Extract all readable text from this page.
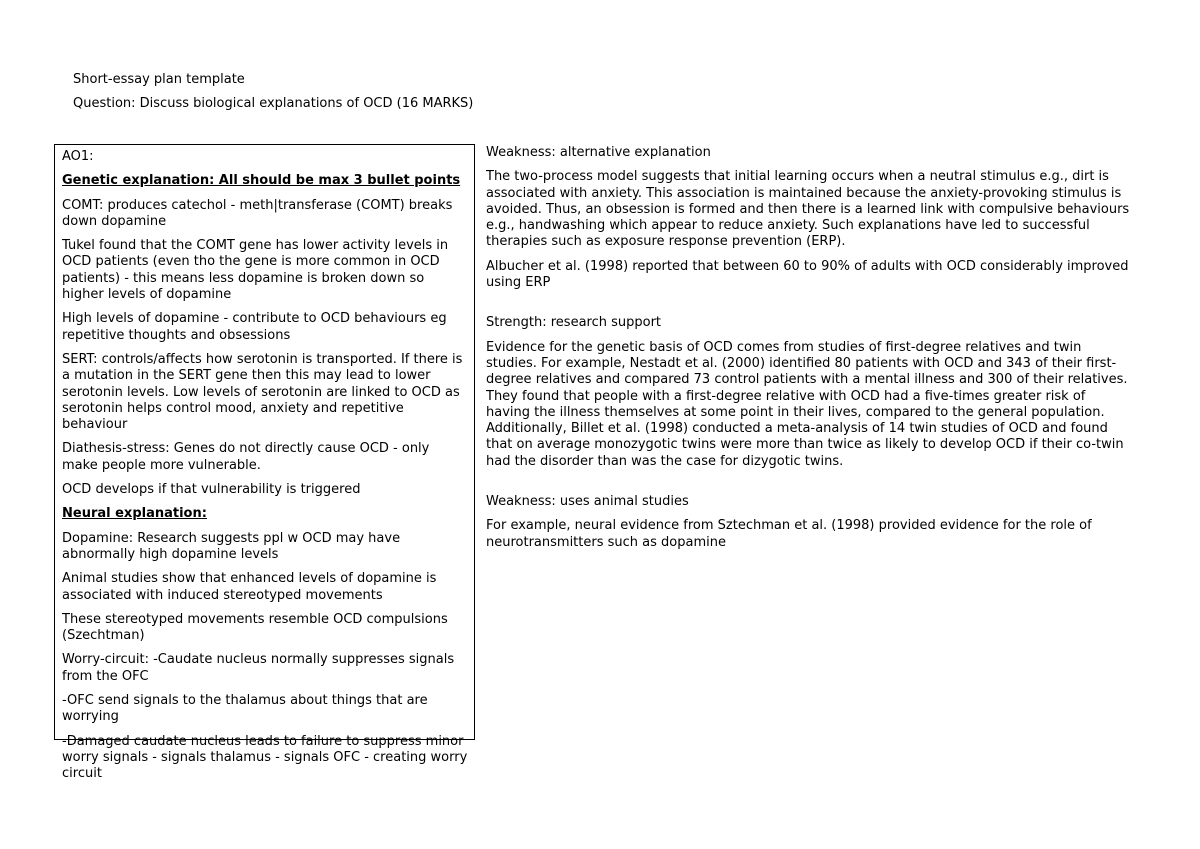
Short-essay plan template

Question: Discuss biological explanations of OCD (16 MARKS)

AO1:

Genetic explanation: All should be max 3 bullet points

COMT: produces catechol - meth|transferase (COMT) breaks down dopamine

Tukel found that the COMT gene has lower activity levels in OCD patients (even tho the gene is more common in OCD patients) - this means less dopamine is broken down so higher levels of dopamine

High levels of dopamine - contribute to OCD behaviours eg repetitive thoughts and obsessions

SERT: controls/affects how serotonin is transported. If there is a mutation in the SERT gene then this may lead to lower serotonin levels. Low levels of serotonin are linked to OCD as serotonin helps control mood, anxiety and repetitive behaviour

Diathesis-stress: Genes do not directly cause OCD - only make people more vulnerable.

OCD develops if that vulnerability is triggered

Neural explanation:

Dopamine: Research suggests ppl w OCD may have abnormally high dopamine levels

Animal studies show that enhanced levels of dopamine is associated with induced stereotyped movements

These stereotyped movements resemble OCD compulsions (Szechtman)

Worry-circuit: -Caudate nucleus normally suppresses signals from the OFC

-OFC send signals to the thalamus about things that are worrying

-Damaged caudate nucleus leads to failure to suppress minor worry signals - signals thalamus - signals OFC - creating worry circuit

Weakness: alternative explanation

The two-process model suggests that initial learning occurs when a neutral stimulus e.g., dirt is associated with anxiety. This association is maintained because the anxiety-provoking stimulus is avoided. Thus, an obsession is formed and then there is a learned link with compulsive behaviours e.g., handwashing which appear to reduce anxiety. Such explanations have led to successful therapies such as exposure response prevention (ERP).

Albucher et al. (1998) reported that between 60 to 90% of adults with OCD considerably improved using ERP

Strength: research support

Evidence for the genetic basis of OCD comes from studies of first-degree relatives and twin studies. For example, Nestadt et al. (2000) identified 80 patients with OCD and 343 of their first-degree relatives and compared 73 control patients with a mental illness and 300 of their relatives. They found that people with a first-degree relative with OCD had a five-times greater risk of having the illness themselves at some point in their lives, compared to the general population. Additionally, Billet et al. (1998) conducted a meta-analysis of 14 twin studies of OCD and found that on average monozygotic twins were more than twice as likely to develop OCD if their co-twin had the disorder than was the case for dizygotic twins.

Weakness: uses animal studies

For example, neural evidence from Sztechman et al. (1998) provided evidence for the role of neurotransmitters such as dopamine
